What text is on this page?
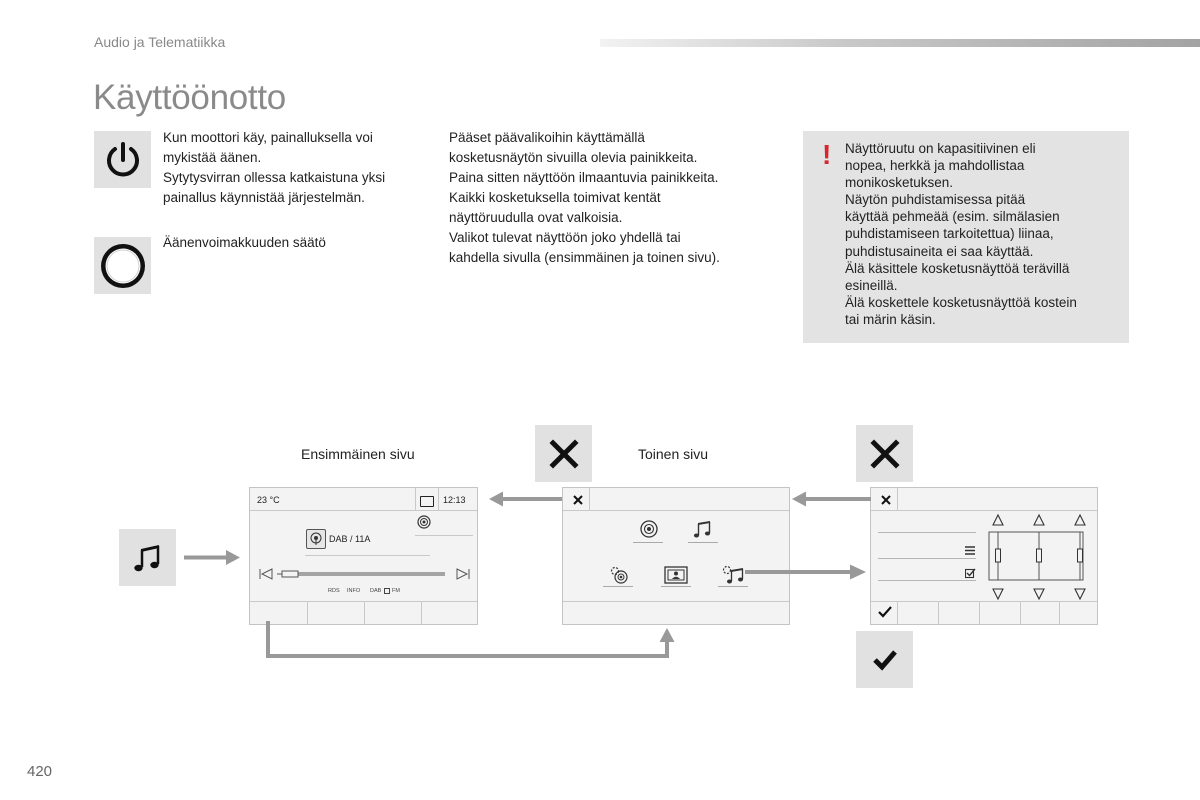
Audio ja Telematiikka
Käyttöönotto
Kun moottori käy, painalluksella voi
mykistää äänen.
Sytytysvirran ollessa katkaistuna yksi
painallus käynnistää järjestelmän.
Äänenvoimakkuuden säätö
Pääset päävalikoihin käyttämällä
kosketusnäytön sivuilla olevia painikkeita.
Paina sitten näyttöön ilmaantuvia painikkeita.
Kaikki kosketuksella toimivat kentät
näyttöruudulla ovat valkoisia.
Valikot tulevat näyttöön joko yhdellä tai
kahdella sivulla (ensimmäinen ja toinen sivu).
! Näyttöruutu on kapasitiivinen eli
nopea, herkkä ja mahdollistaa
monikosketuksen.
Näytön puhdistamisessa pitää
käyttää pehmeää (esim. silmälasien
puhdistamiseen tarkoitettua) liinaa,
puhdistusaineita ei saa käyttää.
Älä käsittele kosketusnäyttöä terävillä
esineillä.
Älä koskettele kosketusnäyttöä kostein
tai märin käsin.
Ensimmäinen sivu	Toinen sivu
23 °C	12:13
DAB / 11A
RDS INFO DAB FM
420
